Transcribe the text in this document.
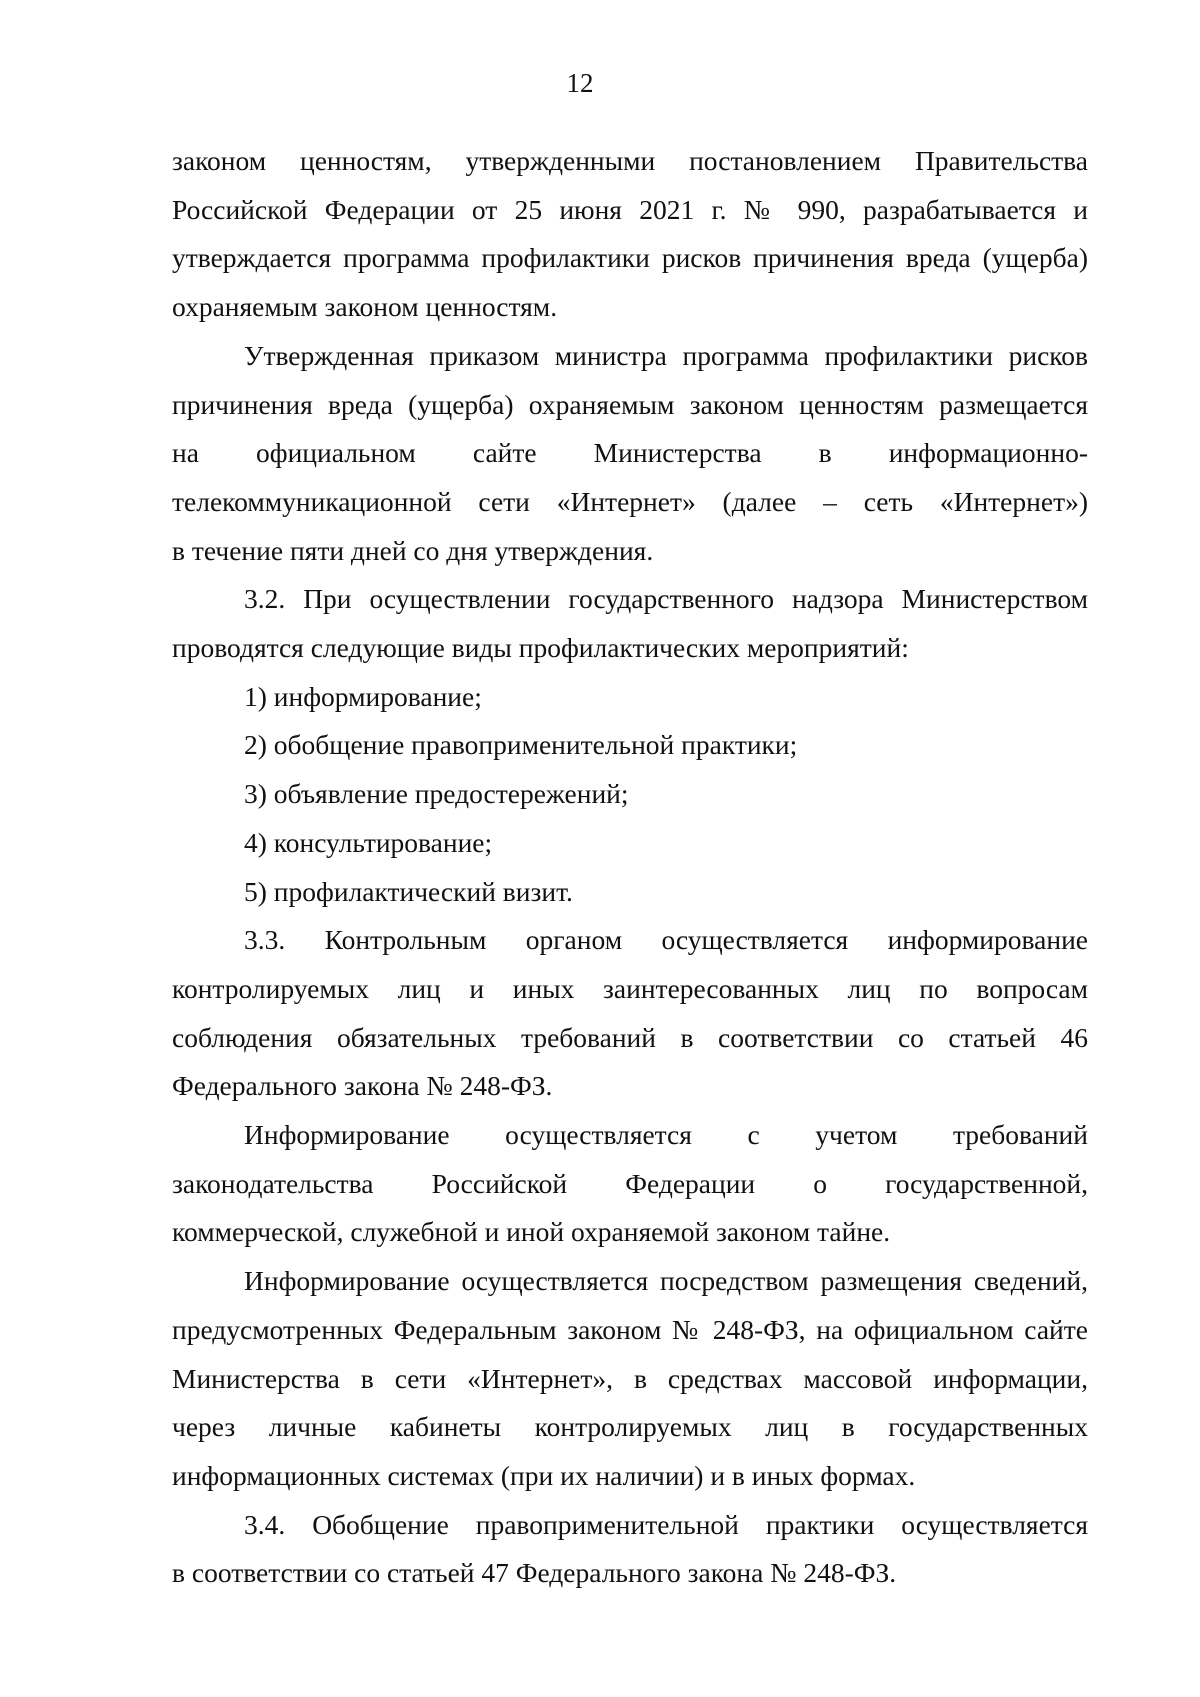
12
законом ценностям, утвержденными постановлением Правительства
Российской Федерации от 25 июня 2021 г. № 990, разрабатывается и
утверждается программа профилактики рисков причинения вреда (ущерба)
охраняемым законом ценностям.
Утвержденная приказом министра программа профилактики рисков
причинения вреда (ущерба) охраняемым законом ценностям размещается
на официальном сайте Министерства в информационно-
телекоммуникационной сети «Интернет» (далее – сеть «Интернет»)
в течение пяти дней со дня утверждения.
3.2. При осуществлении государственного надзора Министерством
проводятся следующие виды профилактических мероприятий:
1) информирование;
2) обобщение правоприменительной практики;
3) объявление предостережений;
4) консультирование;
5) профилактический визит.
3.3. Контрольным органом осуществляется информирование
контролируемых лиц и иных заинтересованных лиц по вопросам
соблюдения обязательных требований в соответствии со статьей 46
Федерального закона № 248-ФЗ.
Информирование осуществляется с учетом требований
законодательства Российской Федерации о государственной,
коммерческой, служебной и иной охраняемой законом тайне.
Информирование осуществляется посредством размещения сведений,
предусмотренных Федеральным законом № 248-ФЗ, на официальном сайте
Министерства в сети «Интернет», в средствах массовой информации,
через личные кабинеты контролируемых лиц в государственных
информационных системах (при их наличии) и в иных формах.
3.4. Обобщение правоприменительной практики осуществляется
в соответствии со статьей 47 Федерального закона № 248-ФЗ.
